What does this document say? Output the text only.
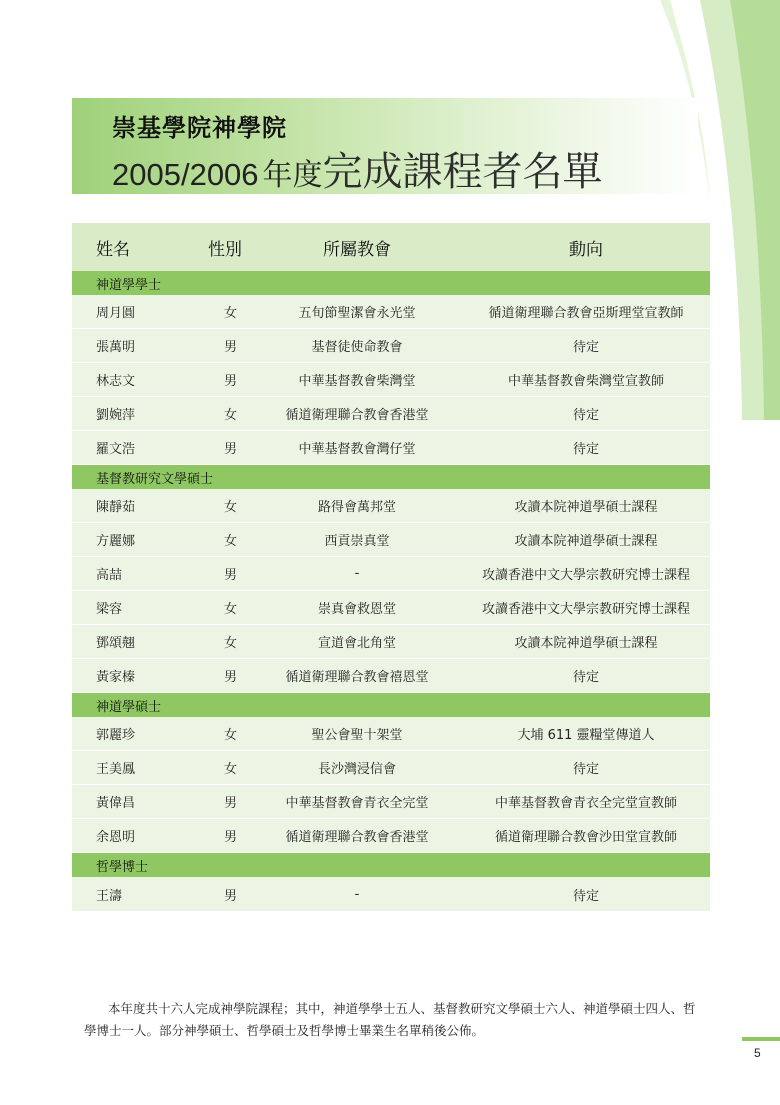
崇基學院神學院
2005/2006 年度完成課程者名單
姓名	性別	所屬教會	動向
神道學學士
周月圓	女	五旬節聖潔會永光堂	循道衛理聯合教會亞斯理堂宣教師
張萬明	男	基督徒使命教會	待定
林志文	男	中華基督教會柴灣堂	中華基督教會柴灣堂宣教師
劉婉萍	女	循道衛理聯合教會香港堂	待定
羅文浩	男	中華基督教會灣仔堂	待定
基督教研究文學碩士
陳靜茹	女	路得會萬邦堂	攻讀本院神道學碩士課程
方麗娜	女	西貢崇真堂	攻讀本院神道學碩士課程
高喆	男	-	攻讀香港中文大學宗教研究博士課程
梁容	女	崇真會救恩堂	攻讀香港中文大學宗教研究博士課程
鄧頌翹	女	宣道會北角堂	攻讀本院神道學碩士課程
黃家榛	男	循道衛理聯合教會禧恩堂	待定
神道學碩士
郭麗珍	女	聖公會聖十架堂	大埔 611 靈糧堂傳道人
王美鳳	女	長沙灣浸信會	待定
黃偉昌	男	中華基督教會青衣全完堂	中華基督教會青衣全完堂宣教師
余恩明	男	循道衛理聯合教會香港堂	循道衛理聯合教會沙田堂宣教師
哲學博士
王濤	男	-	待定
本年度共十六人完成神學院課程；其中，神道學學士五人、基督教研究文學碩士六人、神道學碩士四人、哲學博士一人。部分神學碩士、哲學碩士及哲學博士畢業生名單稍後公佈。
5
